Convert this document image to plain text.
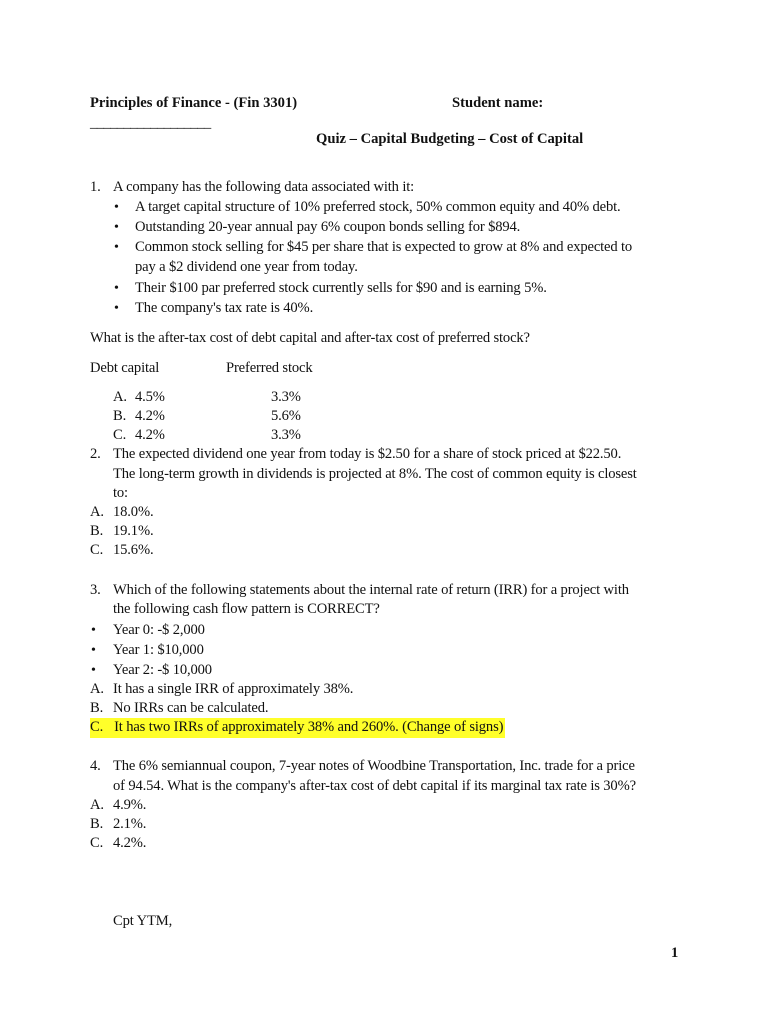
Principles of Finance - (Fin 3301)	Student name:
__________________
Quiz – Capital Budgeting – Cost of Capital
1. A company has the following data associated with it:
• A target capital structure of 10% preferred stock, 50% common equity and 40% debt.
• Outstanding 20-year annual pay 6% coupon bonds selling for $894.
• Common stock selling for $45 per share that is expected to grow at 8% and expected to
pay a $2 dividend one year from today.
• Their $100 par preferred stock currently sells for $90 and is earning 5%.
• The company's tax rate is 40%.
What is the after-tax cost of debt capital and after-tax cost of preferred stock?
Debt capital	Preferred stock
A. 4.5%	3.3%
B. 4.2%	5.6%
C. 4.2%	3.3%
2. The expected dividend one year from today is $2.50 for a share of stock priced at $22.50.
The long-term growth in dividends is projected at 8%. The cost of common equity is closest
to:
A. 18.0%.
B. 19.1%.
C. 15.6%.
3. Which of the following statements about the internal rate of return (IRR) for a project with
the following cash flow pattern is CORRECT?
• Year 0: -$ 2,000
• Year 1: $10,000
• Year 2: -$ 10,000
A. It has a single IRR of approximately 38%.
B. No IRRs can be calculated.
C. It has two IRRs of approximately 38% and 260%. (Change of signs)
4. The 6% semiannual coupon, 7-year notes of Woodbine Transportation, Inc. trade for a price
of 94.54. What is the company's after-tax cost of debt capital if its marginal tax rate is 30%?
A. 4.9%.
B. 2.1%.
C. 4.2%.
Cpt YTM,
1
